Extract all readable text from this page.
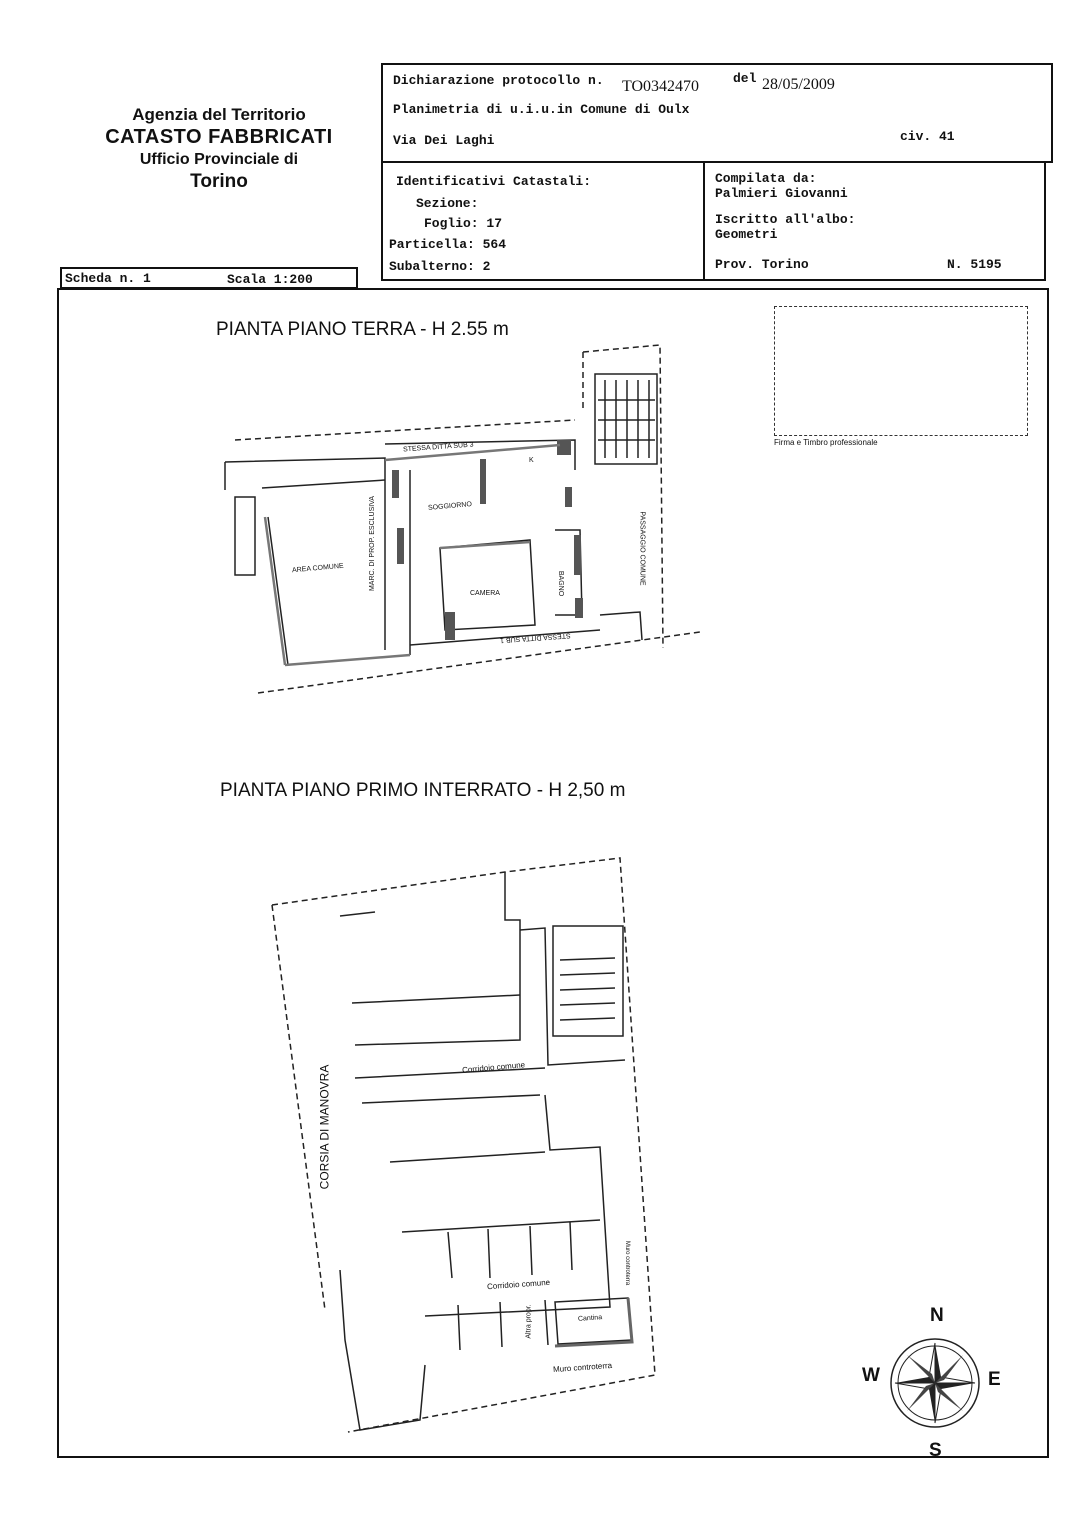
Agenzia del Territorio
CATASTO FABBRICATI
Ufficio Provinciale di
Torino
Dichiarazione protocollo n. TO0342470	del 28/05/2009
Planimetria di u.i.u.in Comune di Oulx
Via Dei Laghi	civ. 41
Identificativi Catastali:
Sezione:
Foglio: 17
Particella: 564
Subalterno: 2
Compilata da:
Palmieri Giovanni
Iscritto all'albo:
Geometri
Prov. Torino	N. 5195
Scheda n. 1	Scala 1:200
Firma e Timbro professionale
PIANTA PIANO TERRA - H 2.55 m
PIANTA PIANO PRIMO INTERRATO - H 2,50 m
STESSA DITTA SUB 3
K
SOGGIORNO
MARC. DI PROP. ESCLUSIVA
AREA COMUNE
CAMERA	BAGNO	PASSAGGIO COMUNE
STESSA DITTA SUB 1
CORSIA DI MANOVRA	Corridoio comune
Corridoio comune
Altra propr.	Cantina
Muro controterra
Muro controterra
N
S
E
W
